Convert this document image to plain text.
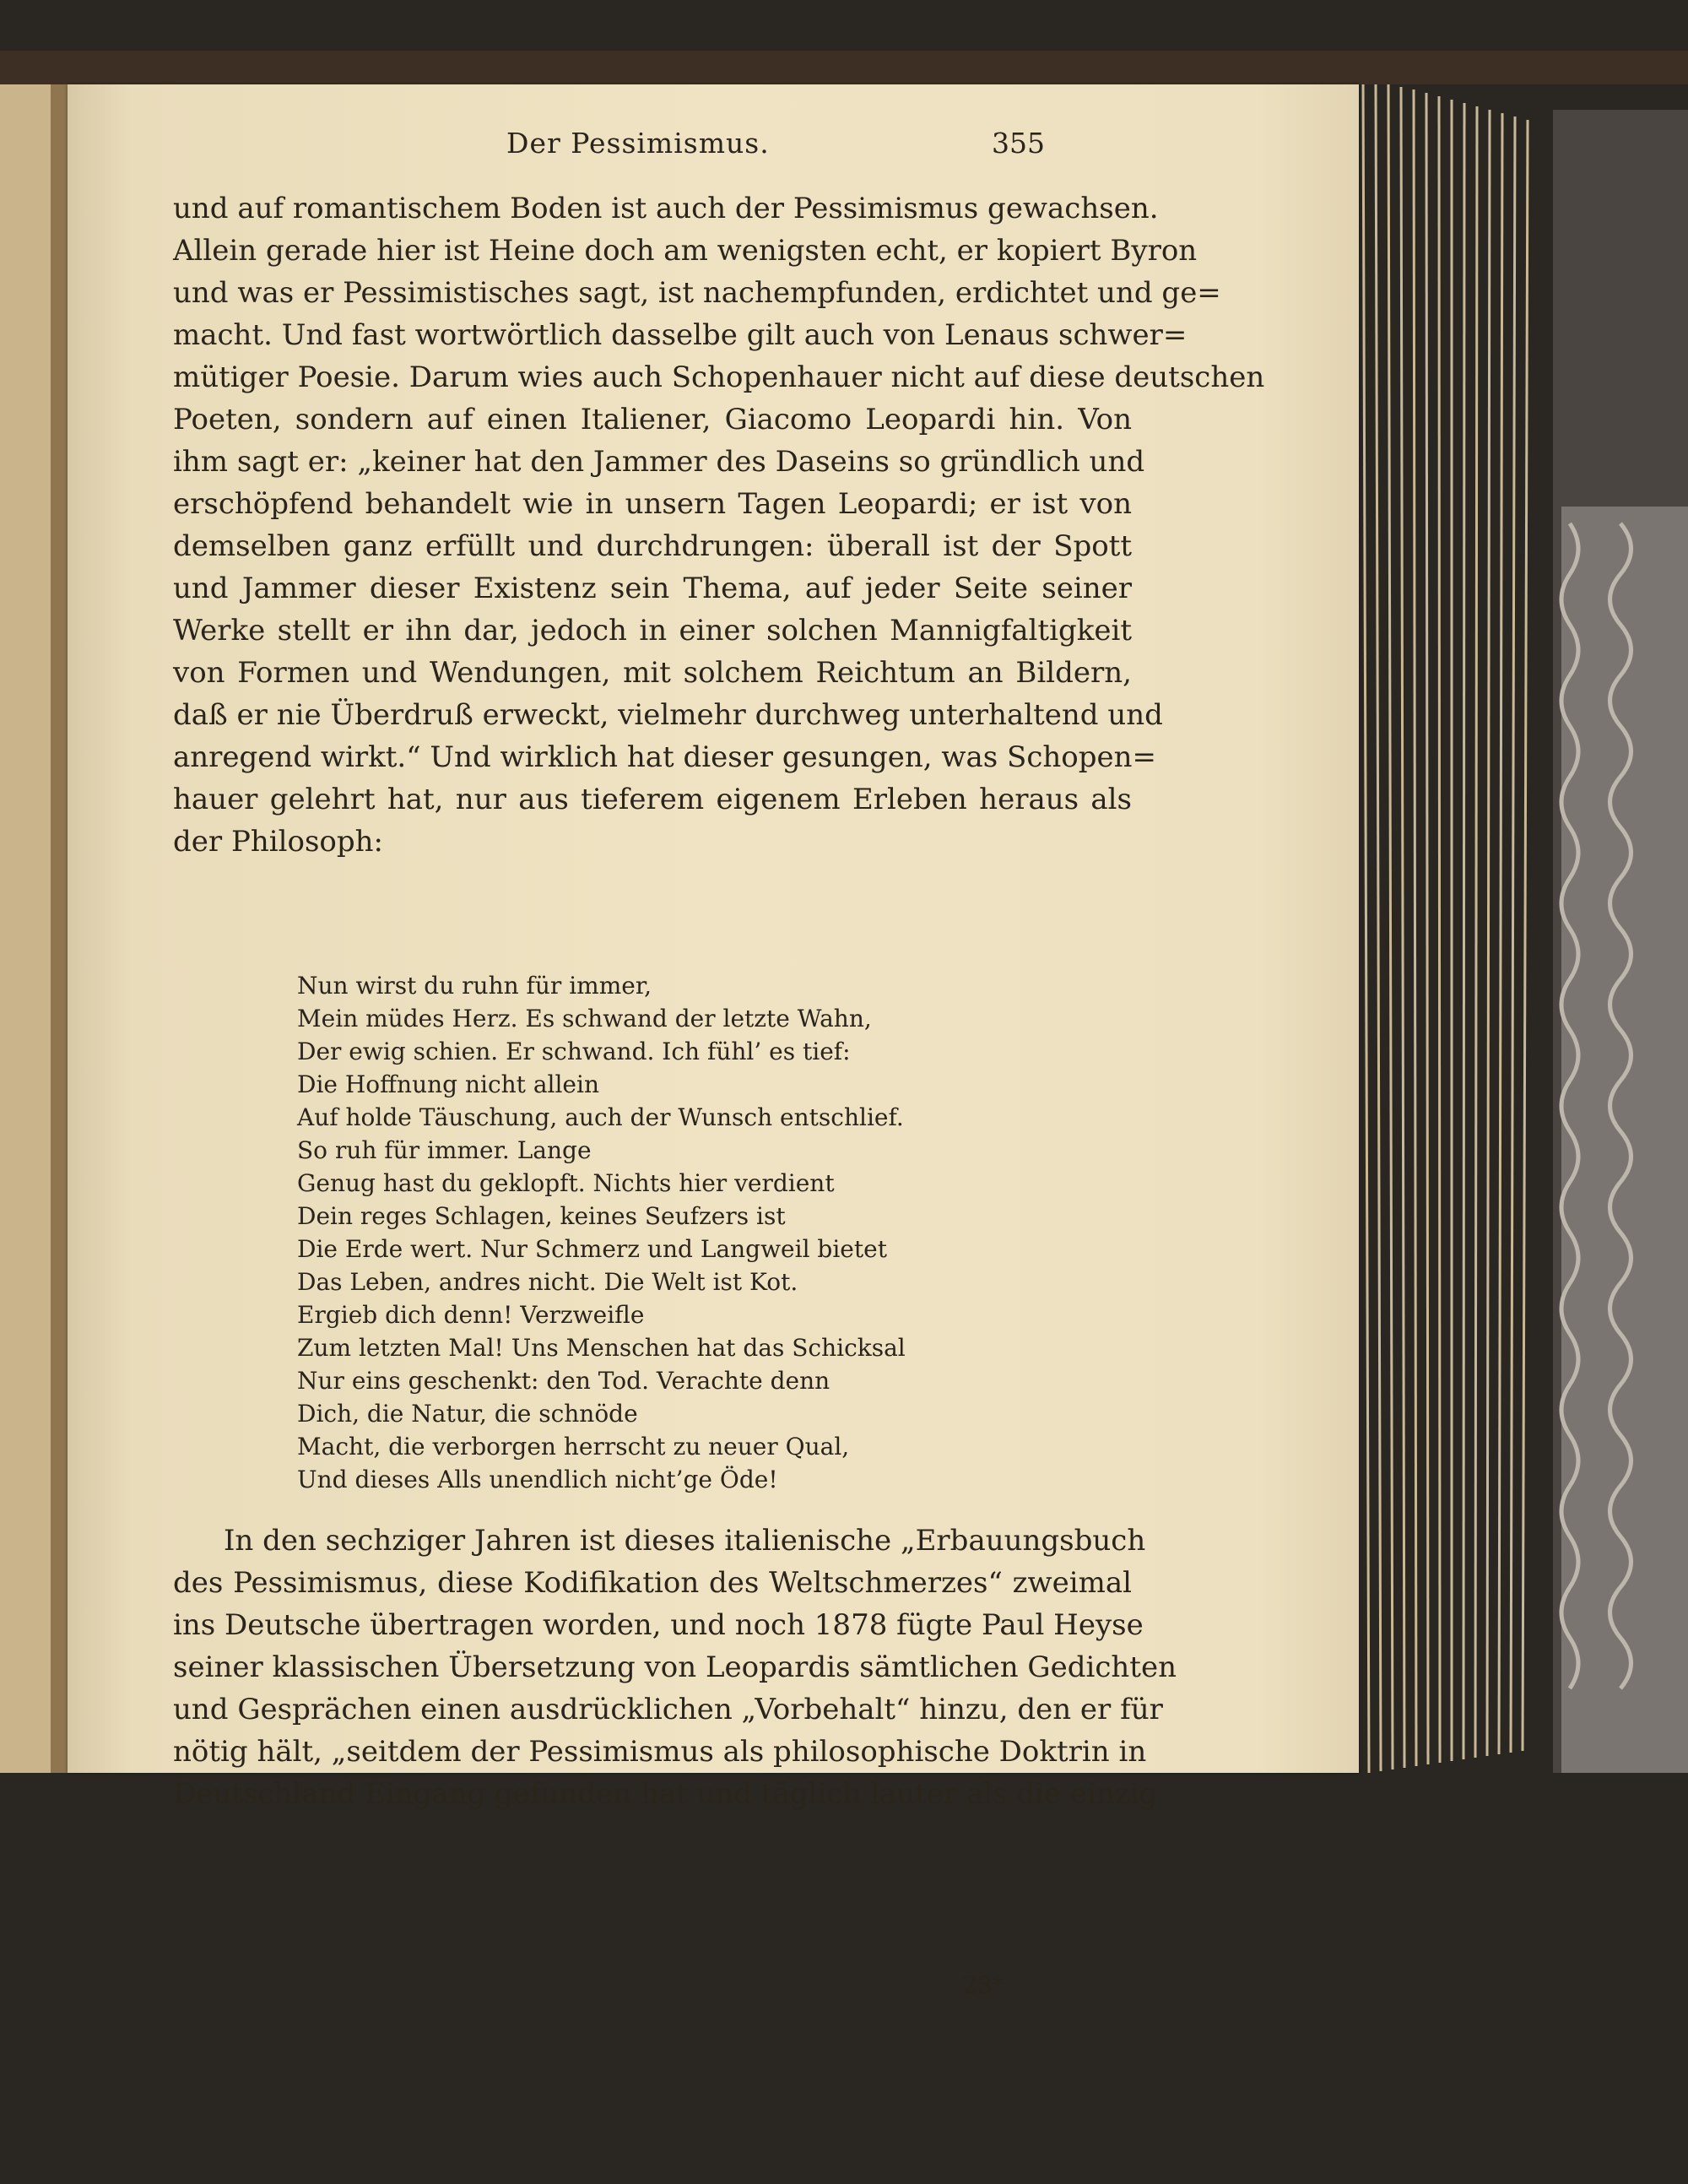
Der Pessimismus.	355
und auf romantischem Boden ist auch der Pessimismus gewachsen.
Allein gerade hier ist Heine doch am wenigsten echt, er kopiert Byron
und was er Pessimistisches sagt, ist nachempfunden, erdichtet und ge=
macht. Und fast wortwörtlich dasselbe gilt auch von Lenaus schwer=
mütiger Poesie. Darum wies auch Schopenhauer nicht auf diese deutschen
Poeten, sondern auf einen Italiener, Giacomo Leopardi hin. Von
ihm sagt er: „keiner hat den Jammer des Daseins so gründlich und
erschöpfend behandelt wie in unsern Tagen Leopardi; er ist von
demselben ganz erfüllt und durchdrungen: überall ist der Spott
und Jammer dieser Existenz sein Thema, auf jeder Seite seiner
Werke stellt er ihn dar, jedoch in einer solchen Mannigfaltigkeit
von Formen und Wendungen, mit solchem Reichtum an Bildern,
daß er nie Überdruß erweckt, vielmehr durchweg unterhaltend und
anregend wirkt.“ Und wirklich hat dieser gesungen, was Schopen=
hauer gelehrt hat, nur aus tieferem eigenem Erleben heraus als
der Philosoph:
Nun wirst du ruhn für immer,
Mein müdes Herz. Es schwand der letzte Wahn,
Der ewig schien. Er schwand. Ich fühl’ es tief:
Die Hoffnung nicht allein
Auf holde Täuschung, auch der Wunsch entschlief.
So ruh für immer. Lange
Genug hast du geklopft. Nichts hier verdient
Dein reges Schlagen, keines Seufzers ist
Die Erde wert. Nur Schmerz und Langweil bietet
Das Leben, andres nicht. Die Welt ist Kot.
Ergieb dich denn! Verzweifle
Zum letzten Mal! Uns Menschen hat das Schicksal
Nur eins geschenkt: den Tod. Verachte denn
Dich, die Natur, die schnöde
Macht, die verborgen herrscht zu neuer Qual,
Und dieses Alls unendlich nicht’ge Öde!
In den sechziger Jahren ist dieses italienische „Erbauungsbuch
des Pessimismus, diese Kodifikation des Weltschmerzes“ zweimal
ins Deutsche übertragen worden, und noch 1878 fügte Paul Heyse
seiner klassischen Übersetzung von Leopardis sämtlichen Gedichten
und Gesprächen einen ausdrücklichen „Vorbehalt“ hinzu, den er für
nötig hält, „seitdem der Pessimismus als philosophische Doktrin in
Deutschland Eingang gefunden hat und täglich lauter als die einzig
23*
